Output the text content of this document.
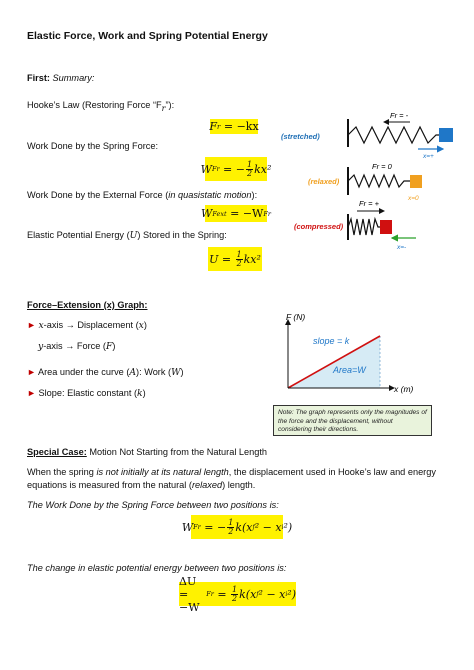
Elastic Force, Work and Spring Potential Energy
First: Summary:
Hooke’s Law (Restoring Force “Fr”):
F r = −kx
Work Done by the Spring Force:
W Fr = − $\frac{1}{2} kx^2$
Work Done by the External Force (in quasistatic motion):
W Fext = −W Fr
Elastic Potential Energy (U) Stored in the Spring:
$U = \frac{1}{2} kx^2$
Fr = -
(stretched)
x=+
Fr = 0
(relaxed)
x=0
Fr = +
(compressed)
x=-
Force–Extension (x) Graph:
► x-axis → Displacement (x)
y-axis → Force (F)
► Area under the curve (A): Work (W)
► Slope: Elastic constant (k)
F (N)
x (m)
slope = k
Area=W
Note: The graph represents only the magnitudes of the force and the displacement, without considering their directions.
Special Case: Motion Not Starting from the Natural Length
When the spring is not initially at its natural length, the displacement used in Hooke’s law and energy
equations is measured from the natural (relaxed) length.
The Work Done by the Spring Force between two positions is:
W Fr = − $\frac{1}{2} k(x$ f ² − x i ²)
The change in elastic potential energy between two positions is:
ΔU = −W
$Fr = \frac{1}{2} k(x$ f ² − x i ²)
